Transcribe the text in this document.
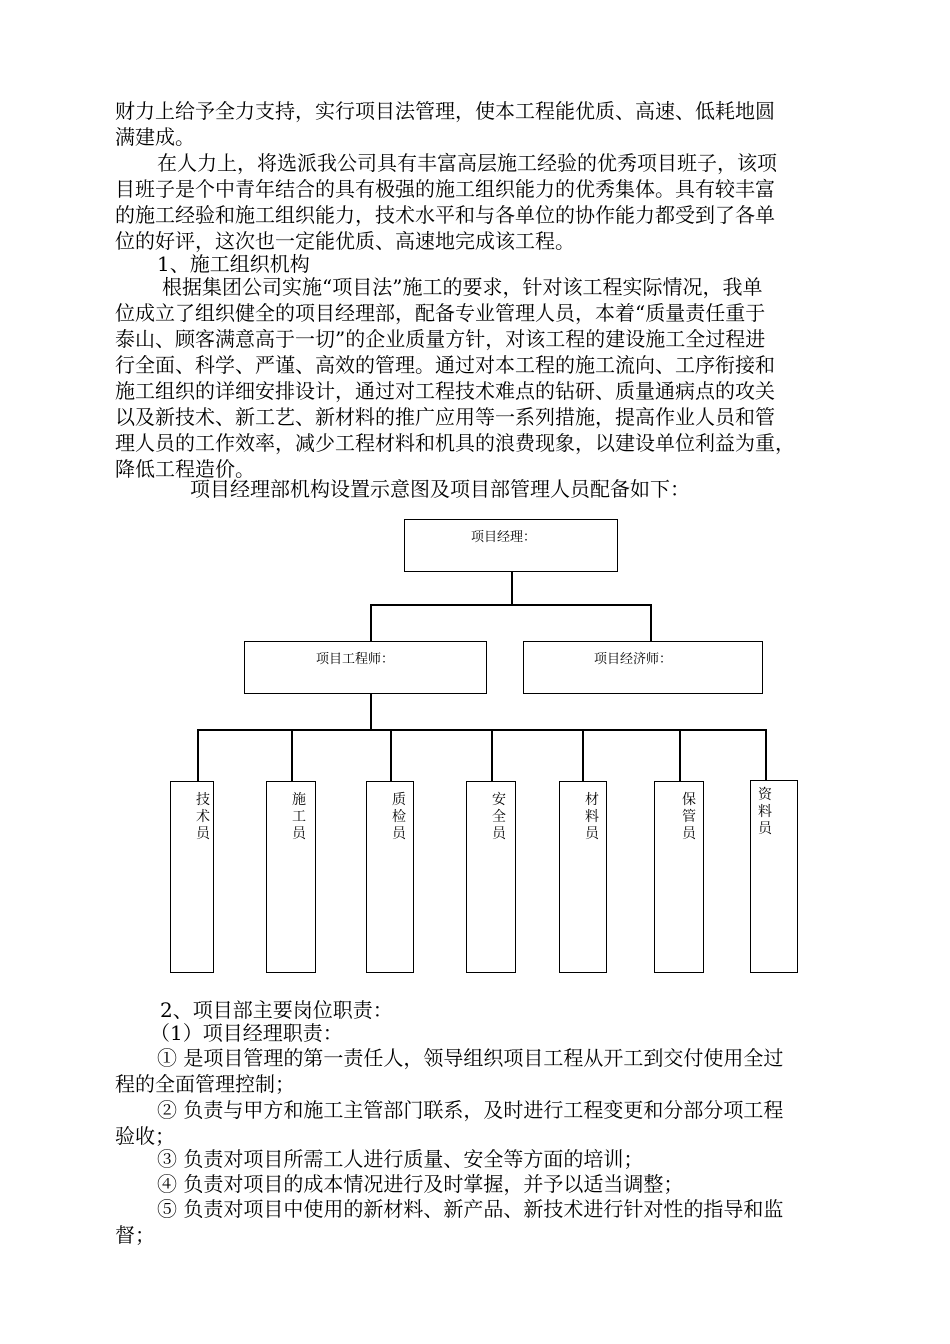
财力上给予全力支持，实行项目法管理，使本工程能优质、高速、低耗地圆
满建成。
在人力上，将选派我公司具有丰富高层施工经验的优秀项目班子，该项
目班子是个中青年结合的具有极强的施工组织能力的优秀集体。具有较丰富
的施工经验和施工组织能力，技术水平和与各单位的协作能力都受到了各单
位的好评，这次也一定能优质、高速地完成该工程。
1、施工组织机构
根据集团公司实施“项目法”施工的要求，针对该工程实际情况，我单
位成立了组织健全的项目经理部，配备专业管理人员，本着“质量责任重于
泰山、顾客满意高于一切”的企业质量方针，对该工程的建设施工全过程进
行全面、科学、严谨、高效的管理。通过对本工程的施工流向、工序衔接和
施工组织的详细安排设计，通过对工程技术难点的钻研、质量通病点的攻关
以及新技术、新工艺、新材料的推广应用等一系列措施，提高作业人员和管
理人员的工作效率，减少工程材料和机具的浪费现象，以建设单位利益为重，
降低工程造价。
项目经理部机构设置示意图及项目部管理人员配备如下：
项目经理：
项目工程师：	项目经济师：
技
术
员
施
工
员
质
检
员
安
全
员
材
料
员
保
管
员
资
料
员
2、项目部主要岗位职责：
（1）项目经理职责：
① 是项目管理的第一责任人，领导组织项目工程从开工到交付使用全过
程的全面管理控制；
② 负责与甲方和施工主管部门联系，及时进行工程变更和分部分项工程
验收；
③ 负责对项目所需工人进行质量、安全等方面的培训；
④ 负责对项目的成本情况进行及时掌握，并予以适当调整；
⑤ 负责对项目中使用的新材料、新产品、新技术进行针对性的指导和监
督；
